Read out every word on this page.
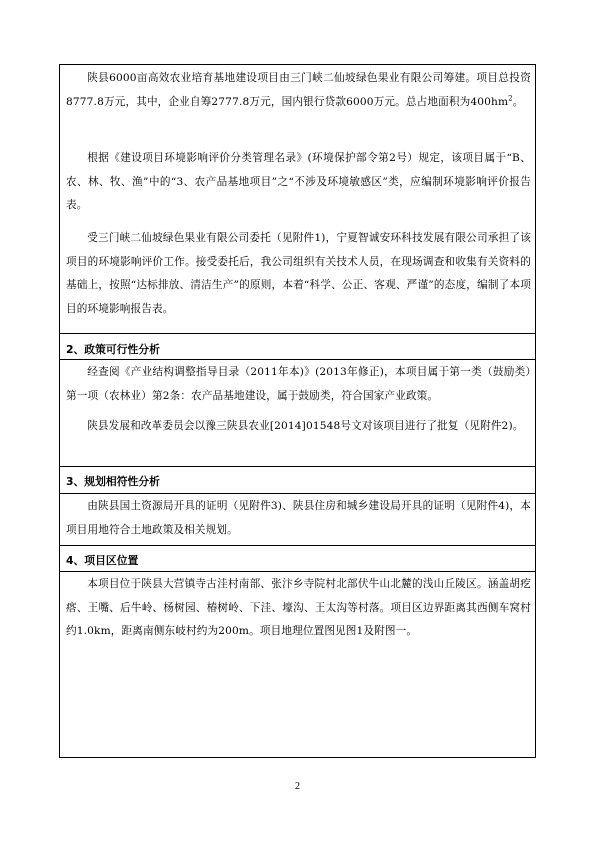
陕县6000亩高效农业培育基地建设项目由三门峡二仙坡绿色果业有限公司筹建。项目总投资8777.8万元，其中，企业自筹2777.8万元，国内银行贷款6000万元。总占地面积为$400hm^2$。
根据《建设项目环境影响评价分类管理名录》(环境保护部令第2号）规定，该项目属于“B、农、林、牧、渔”中的“3、农产品基地项目”之“不涉及环境敏感区”类，应编制环境影响评价报告表。
受三门峡二仙坡绿色果业有限公司委托（见附件1)，宁夏智诚安环科技发展有限公司承担了该项目的环境影响评价工作。接受委托后，我公司组织有关技术人员，在现场调查和收集有关资料的基础上，按照“达标排放、清洁生产”的原则，本着“科学、公正、客观、严谨”的态度，编制了本项目的环境影响报告表。
2、政策可行性分析
经查阅《产业结构调整指导目录（2011年本)》(2013年修正)，本项目属于第一类（鼓励类）第一项（农林业）第2条：农产品基地建设，属于鼓励类，符合国家产业政策。
陕县发展和改革委员会以豫三陕县农业[2014]01548号文对该项目进行了批复（见附件2)。
3、规划相符性分析
由陕县国土资源局开具的证明（见附件3)、陕县住房和城乡建设局开具的证明（见附件4)，本项目用地符合土地政策及相关规划。
4、项目区位置
本项目位于陕县大营镇寺古洼村南部、张汴乡寺院村北部伏牛山北麓的浅山丘陵区。涵盖胡疙瘩、王嘴、后牛岭、杨树园、椿树岭、下洼、壕沟、王太沟等村落。项目区边界距离其西侧车窝村约1.0km，距离南侧东岐村约为200m。项目地理位置图见图1及附图一。
2
